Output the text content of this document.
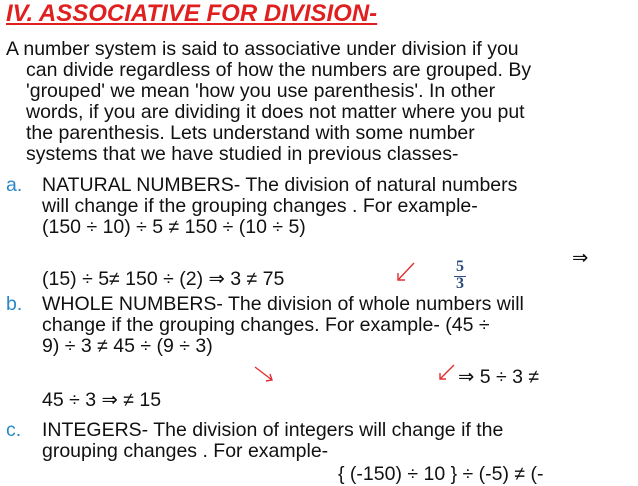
IV. ASSOCIATIVE FOR DIVISION-
A number system is said to associative under division if you
can divide regardless of how the numbers are grouped. By
'grouped' we mean 'how you use parenthesis'. In other
words, if you are dividing it does not matter where you put
the parenthesis. Lets understand with some number
systems that we have studied in previous classes-
a. NATURAL NUMBERS- The division of natural numbers
will change if the grouping changes . For example-
(150 ÷ 10) ÷ 5 ≠ 150 ÷ (10 ÷ 5)
⇒
(15) ÷ 5≠ 150 ÷ (2) ⇒ 3 ≠ 75
5
3
b. WHOLE NUMBERS- The division of whole numbers will
change if the grouping changes. For example- (45 ÷
9) ÷ 3 ≠ 45 ÷ (9 ÷ 3)
⇒ 5 ÷ 3 ≠
45 ÷ 3 ⇒ ≠ 15
c. INTEGERS- The division of integers will change if the
grouping changes . For example-
{ (-150) ÷ 10 } ÷ (-5) ≠ (-
